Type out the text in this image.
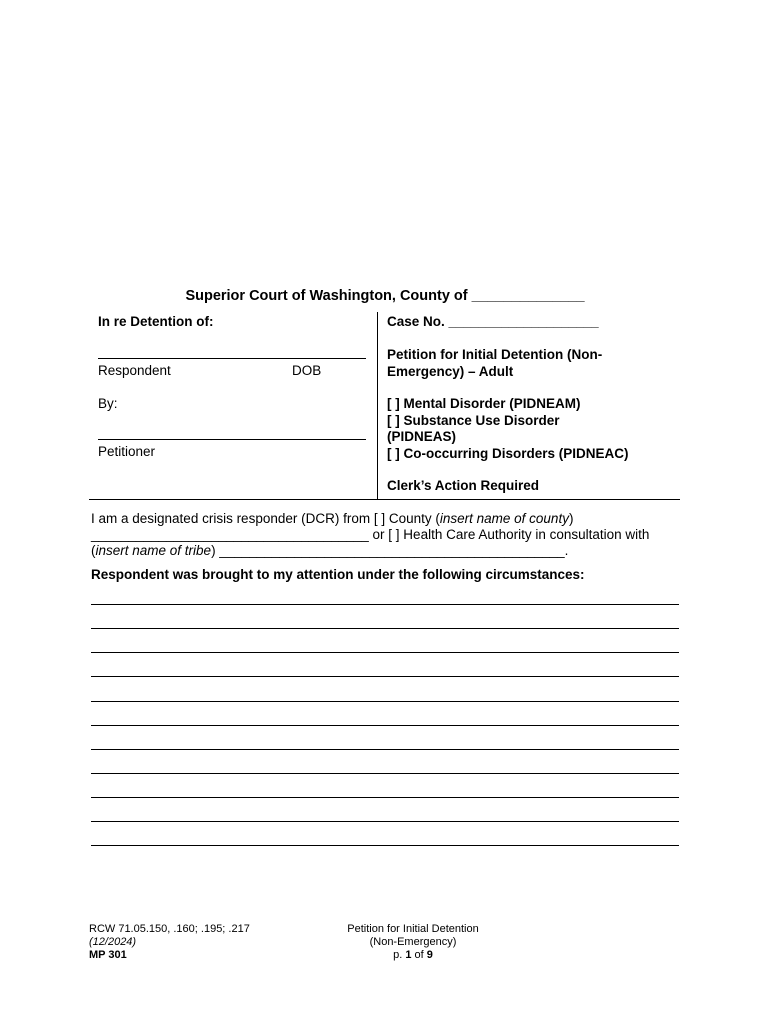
Superior Court of Washington, County of ______________
In re Detention of:
Respondent	DOB
By:
Petitioner
Case No. ____________________
Petition for Initial Detention (Non-
Emergency) – Adult
[ ] Mental Disorder (PIDNEAM)
[ ] Substance Use Disorder
(PIDNEAS)
[ ] Co-occurring Disorders (PIDNEAC)
Clerk’s Action Required
I am a designated crisis responder (DCR) from [ ] County (insert name of county)
_____________________________________ or [ ] Health Care Authority in consultation with
(insert name of tribe) ______________________________________________.
Respondent was brought to my attention under the following circumstances:
RCW 71.05.150, .160; .195; .217
(12/2024)
MP 301
Petition for Initial Detention
(Non-Emergency)
p. 1 of 9
